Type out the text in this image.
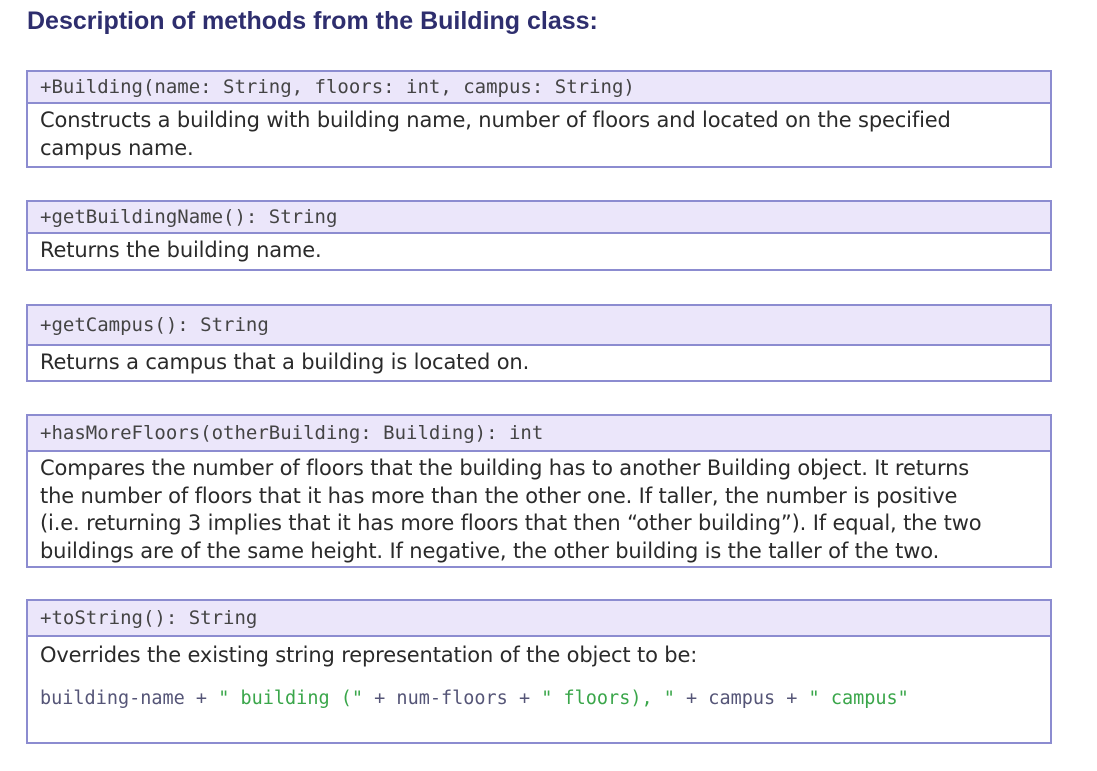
Description of methods from the Building class:
+Building(name: String, floors: int, campus: String)
Constructs a building with building name, number of floors and located on the specified
campus name.
+getBuildingName(): String
Returns the building name.
+getCampus(): String
Returns a campus that a building is located on.
+hasMoreFloors(otherBuilding: Building): int
Compares the number of floors that the building has to another Building object. It returns
the number of floors that it has more than the other one. If taller, the number is positive
(i.e. returning 3 implies that it has more floors that then “other building”). If equal, the two
buildings are of the same height. If negative, the other building is the taller of the two.
+toString(): String
Overrides the existing string representation of the object to be:
building-name + " building (" + num-floors + " floors), " + campus + " campus"
